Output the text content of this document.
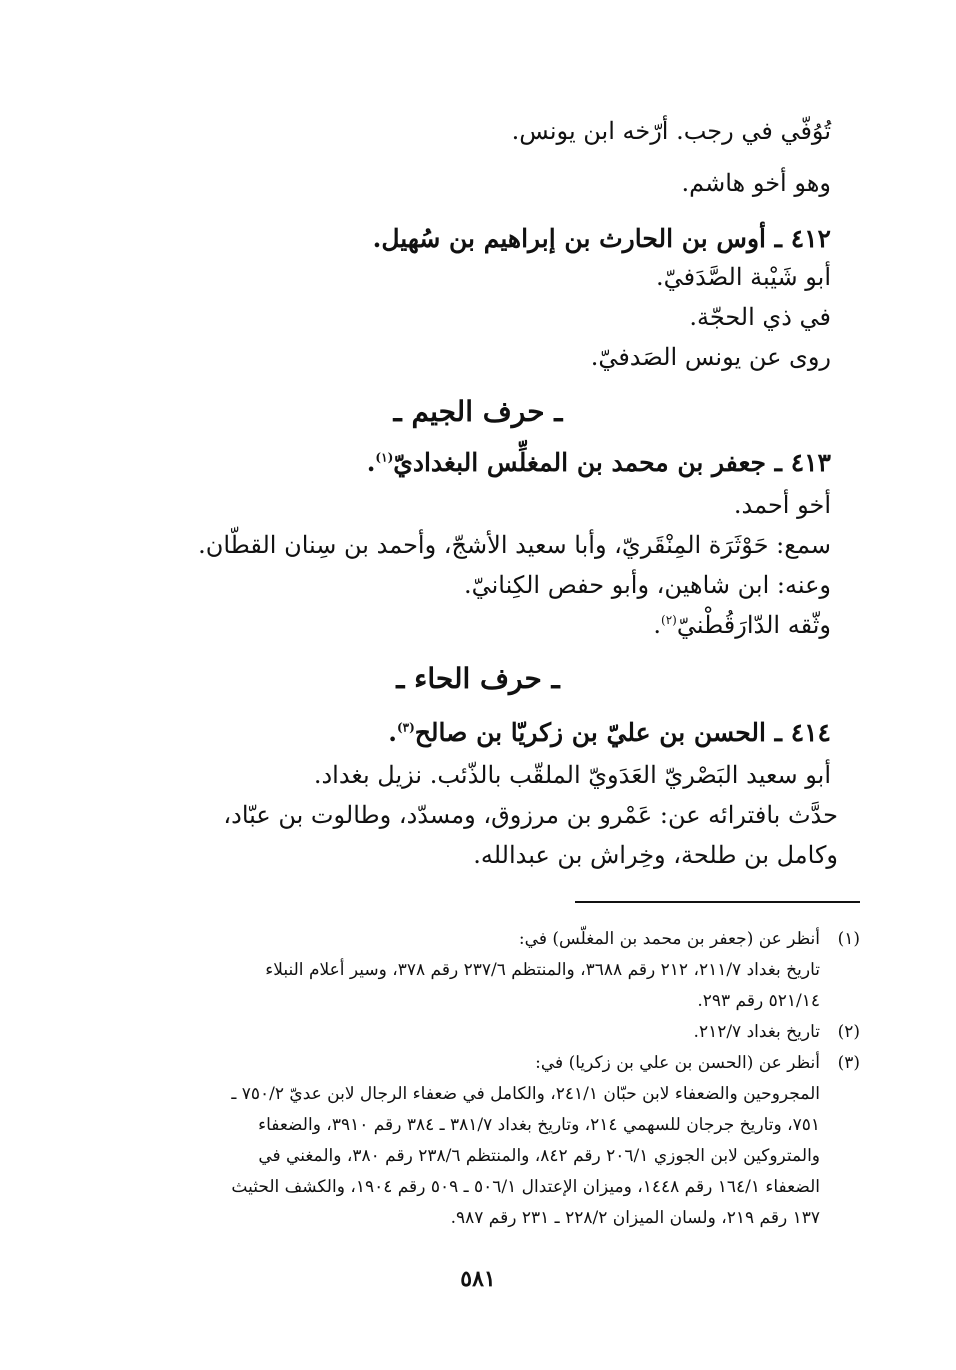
تُوُفّي في رجب. أرّخه ابن يونس.
وهو أخو هاشم.
٤١٢ ـ أوس بن الحارث بن إبراهيم بن سُهيل.
أبو شَيْبة الصَّدَفيّ.
في ذي الحجّة.
روى عن يونس الصَدفيّ.
ـ حرف الجيم ـ
٤١٣ ـ جعفر بن محمد بن المغلِّس البغداديّ$^{(١)}$.
أخو أحمد.
سمع: حَوْثَرَة المِنْقَريّ، وأبا سعيد الأشجّ، وأحمد بن سِنان القطّان.
وعنه: ابن شاهين، وأبو حفص الكِنانيّ.
وثّقه الدّارَقُطْنيّ$^{(٢)}$.
ـ حرف الحاء ـ
٤١٤ ـ الحسن بن عليّ بن زكريّا بن صالح$^{(٣)}$.
أبو سعيد البَصْريّ العَدَويّ الملقّب بالذّئب. نزيل بغداد.
حدَّث بافترائه عن: عَمْرو بن مرزوق، ومسدّد، وطالوت بن عبّاد،
وكامل بن طلحة، وخِراش بن عبدالله.
(١)
أنظر عن (جعفر بن محمد بن المغلّس) في:
تاريخ بغداد ٢١١/٧، ٢١٢ رقم ٣٦٨٨، والمنتظم ٢٣٧/٦ رقم ٣٧٨، وسير أعلام النبلاء
٥٢١/١٤ رقم ٢٩٣.
(٢)
تاريخ بغداد ٢١٢/٧.
(٣)
أنظر عن (الحسن بن علي بن زكريا) في:
المجروحين والضعفاء لابن حبّان ٢٤١/١، والكامل في ضعفاء الرجال لابن عديّ ٧٥٠/٢ ـ
٧٥١، وتاريخ جرجان للسهمي ٢١٤، وتاريخ بغداد ٣٨١/٧ ـ ٣٨٤ رقم ٣٩١٠، والضعفاء
والمتروكين لابن الجوزي ٢٠٦/١ رقم ٨٤٢، والمنتظم ٢٣٨/٦ رقم ٣٨٠، والمغني في
الضعفاء ١٦٤/١ رقم ١٤٤٨، وميزان الإعتدال ٥٠٦/١ ـ ٥٠٩ رقم ١٩٠٤، والكشف الحثيث
١٣٧ رقم ٢١٩، ولسان الميزان ٢٢٨/٢ ـ ٢٣١ رقم ٩٨٧.
٥٨١
